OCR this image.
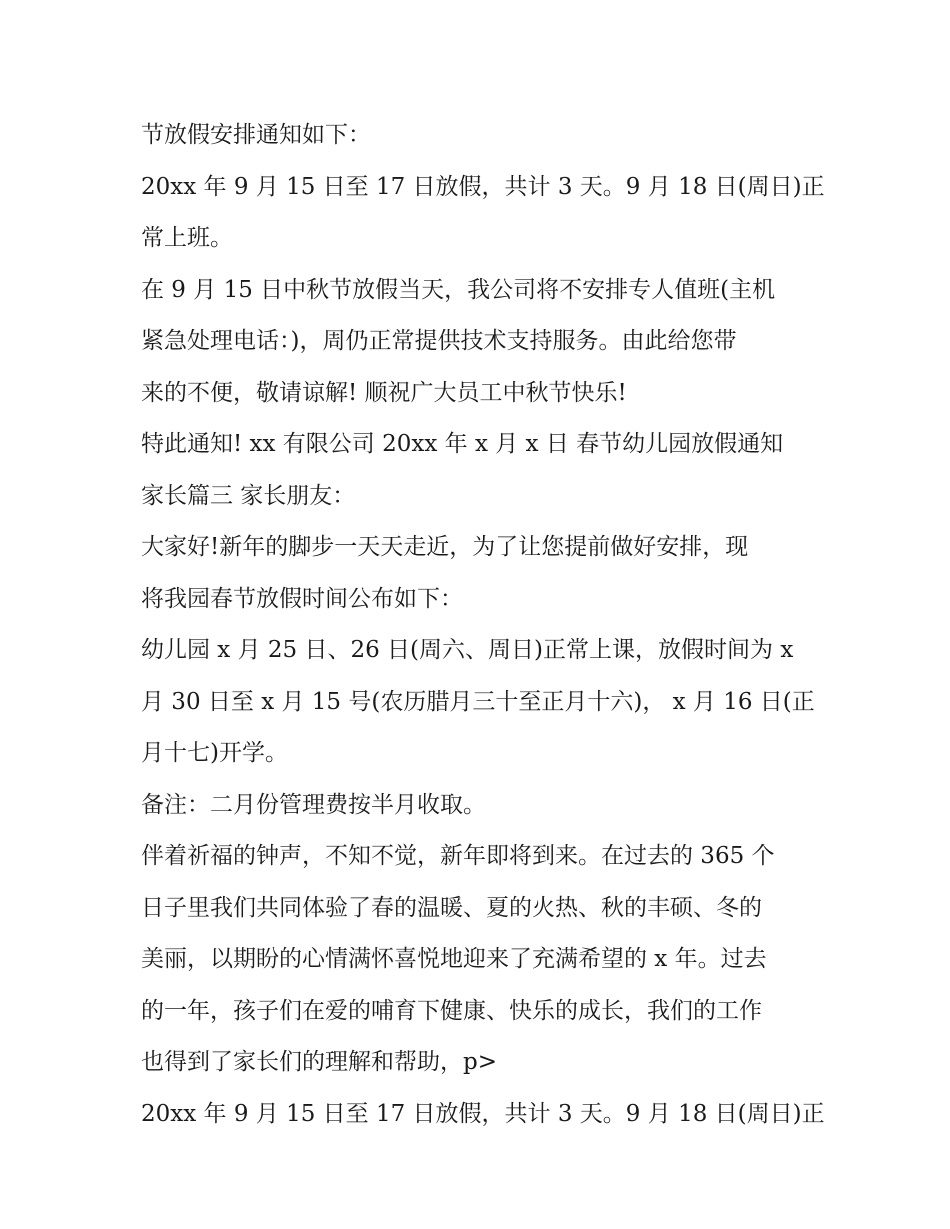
节放假安排通知如下：
20xx 年 9 月 15 日至 17 日放假，共计 3 天。9 月 18 日(周日)正
常上班。
在 9 月 15 日中秋节放假当天，我公司将不安排专人值班(主机
紧急处理电话：)，周仍正常提供技术支持服务。由此给您带
来的不便，敬请谅解! 顺祝广大员工中秋节快乐!
特此通知! xx 有限公司 20xx 年 x 月 x 日 春节幼儿园放假通知
家长篇三 家长朋友：
大家好!新年的脚步一天天走近，为了让您提前做好安排，现
将我园春节放假时间公布如下：
幼儿园 x 月 25 日、26 日(周六、周日)正常上课，放假时间为 x
月 30 日至 x 月 15 号(农历腊月三十至正月十六)， x 月 16 日(正
月十七)开学。
备注：二月份管理费按半月收取。
伴着祈福的钟声，不知不觉，新年即将到来。在过去的 365 个
日子里我们共同体验了春的温暖、夏的火热、秋的丰硕、冬的
美丽，以期盼的心情满怀喜悦地迎来了充满希望的 x 年。过去
的一年，孩子们在爱的哺育下健康、快乐的成长，我们的工作
也得到了家长们的理解和帮助，p>
20xx 年 9 月 15 日至 17 日放假，共计 3 天。9 月 18 日(周日)正
